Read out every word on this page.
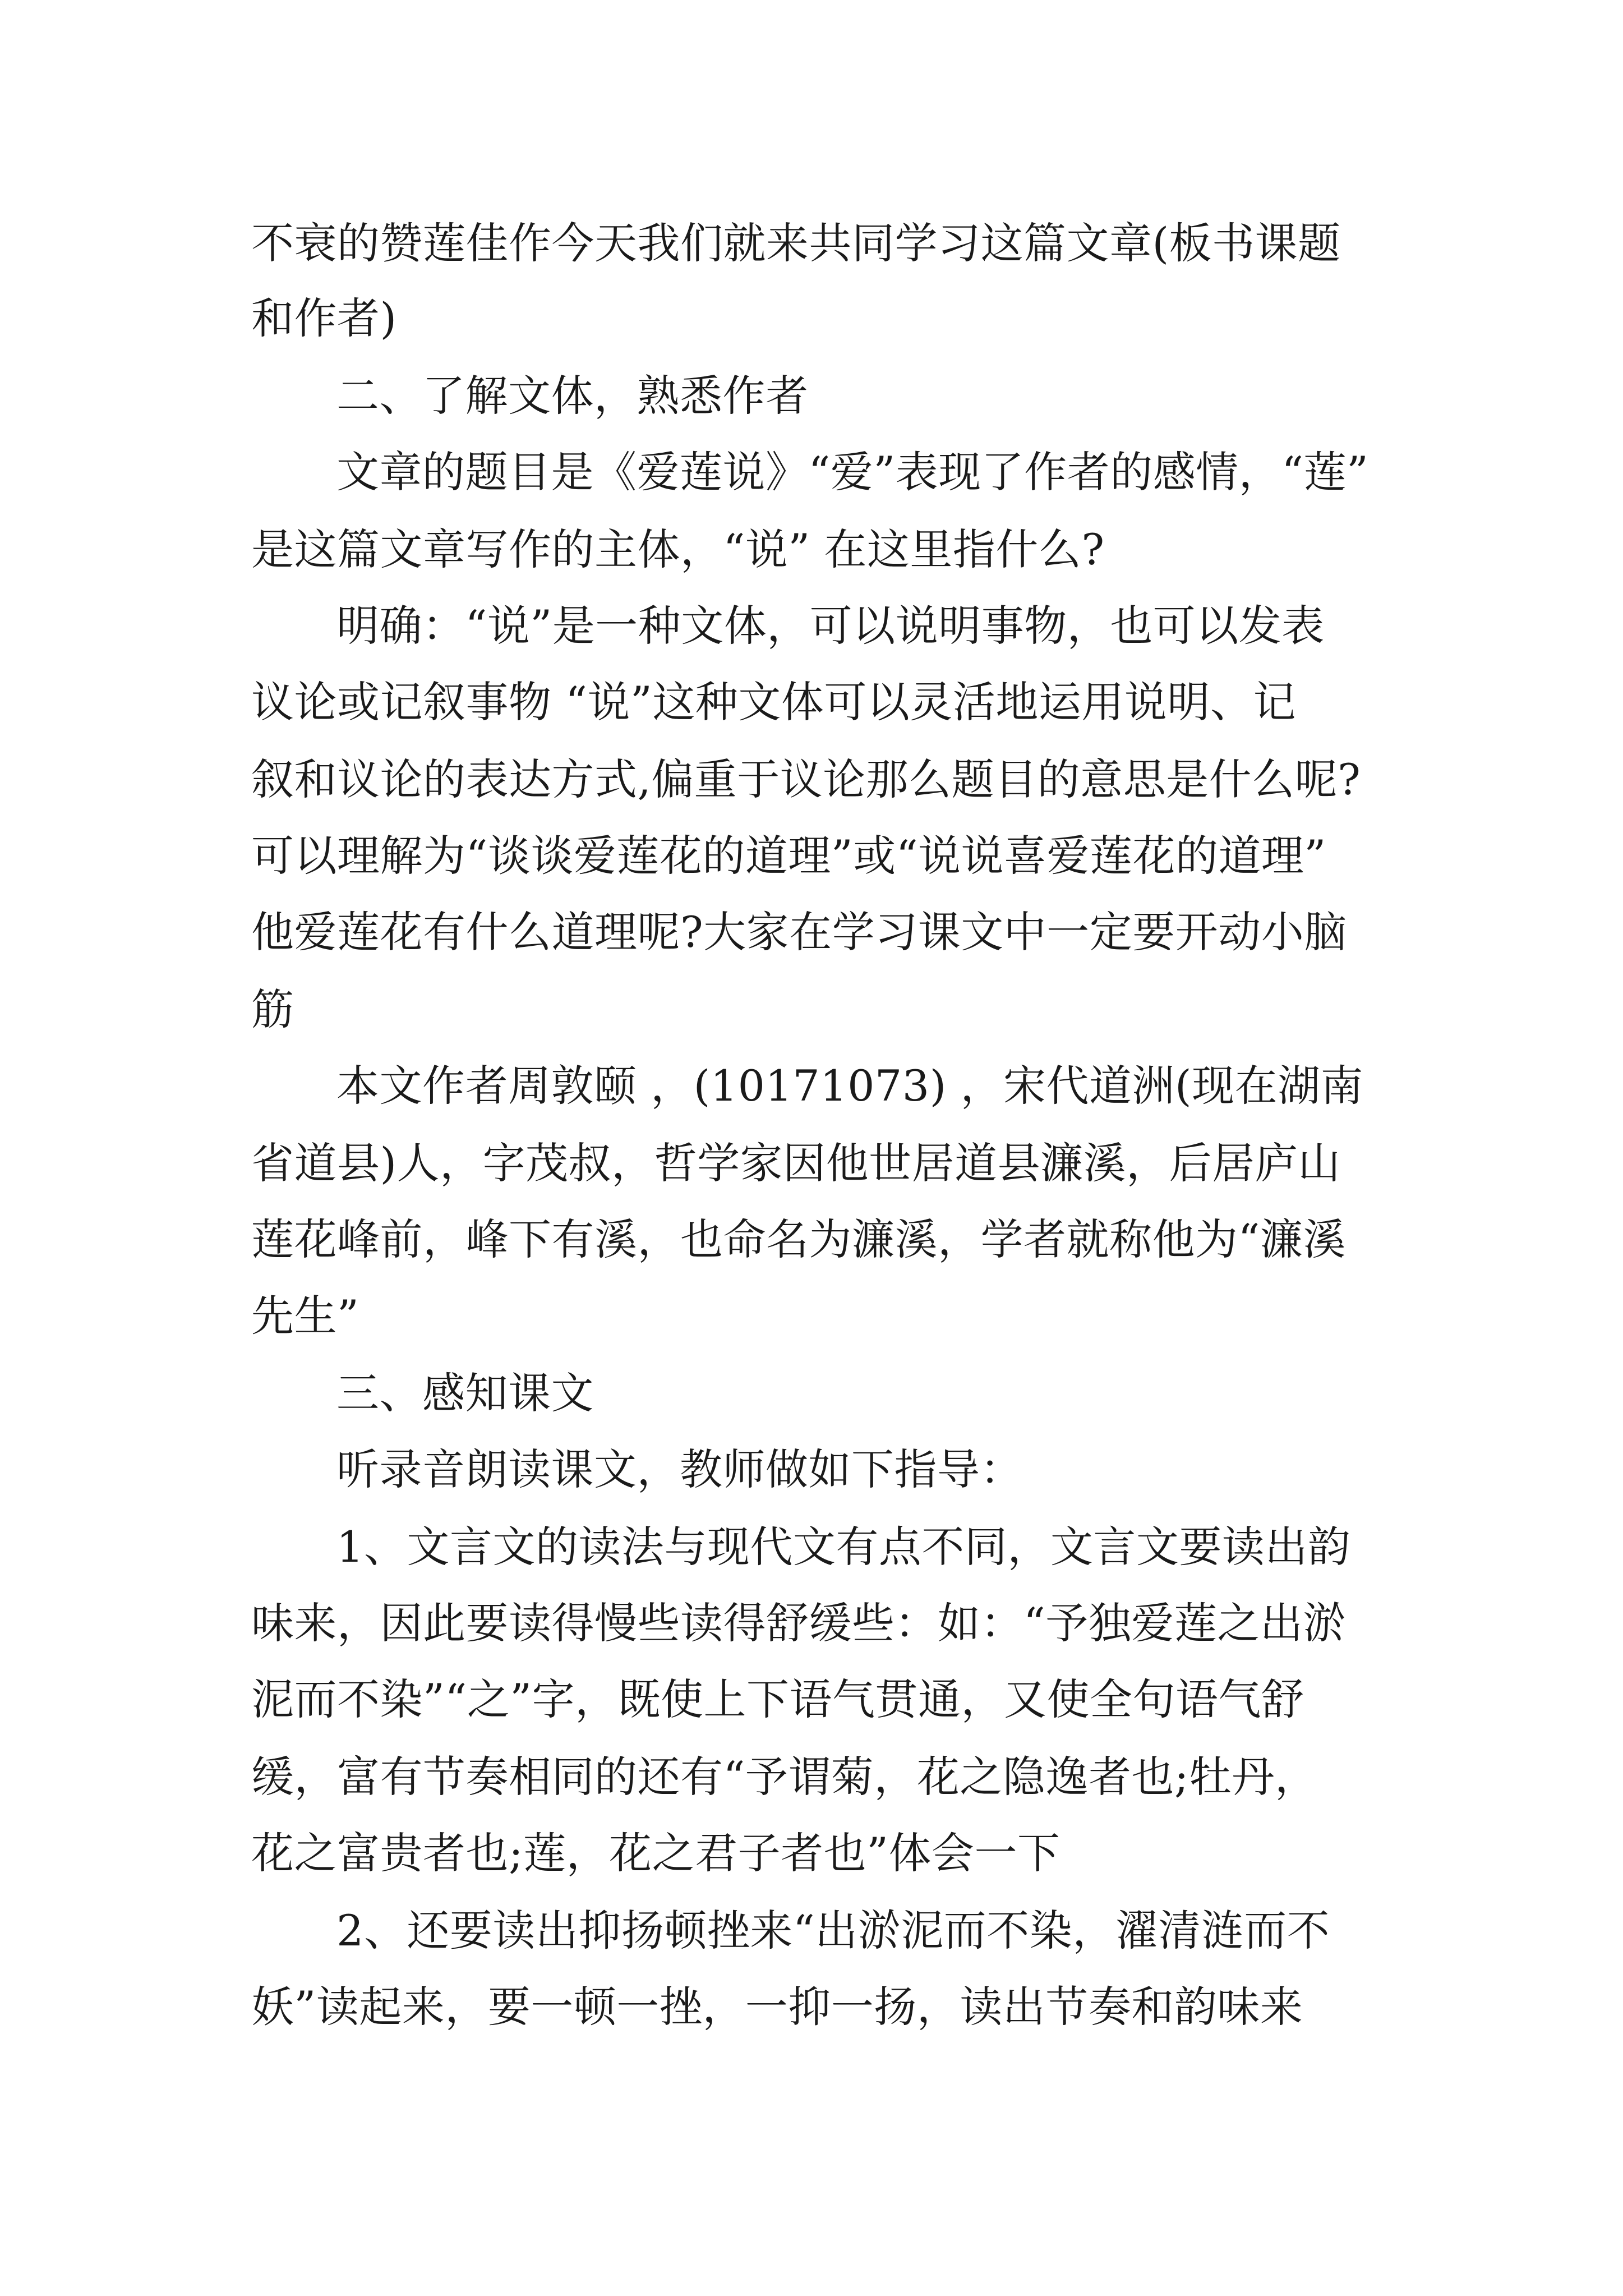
不衰的赞莲佳作今天我们就来共同学习这篇文章(板书课题
和作者)
二、了解文体，熟悉作者
文章的题目是《爱莲说》“爱”表现了作者的感情，“莲”
是这篇文章写作的主体，“说” 在这里指什么?
明确：“说”是一种文体，可以说明事物，也可以发表
议论或记叙事物 “说”这种文体可以灵活地运用说明、记
叙和议论的表达方式,偏重于议论那么题目的意思是什么呢?
可以理解为“谈谈爱莲花的道理”或“说说喜爱莲花的道理”
他爱莲花有什么道理呢?大家在学习课文中一定要开动小脑
筋
本文作者周敦颐 ，(10171073) ，宋代道洲(现在湖南
省道县)人，字茂叔，哲学家因他世居道县濂溪，后居庐山
莲花峰前，峰下有溪，也命名为濂溪，学者就称他为“濂溪
先生”
三、感知课文
听录音朗读课文，教师做如下指导：
1、文言文的读法与现代文有点不同，文言文要读出韵
味来，因此要读得慢些读得舒缓些：如：“予独爱莲之出淤
泥而不染”“之”字，既使上下语气贯通，又使全句语气舒
缓，富有节奏相同的还有“予谓菊，花之隐逸者也;牡丹，
花之富贵者也;莲，花之君子者也”体会一下
2、还要读出抑扬顿挫来“出淤泥而不染，濯清涟而不
妖”读起来，要一顿一挫，一抑一扬，读出节奏和韵味来
